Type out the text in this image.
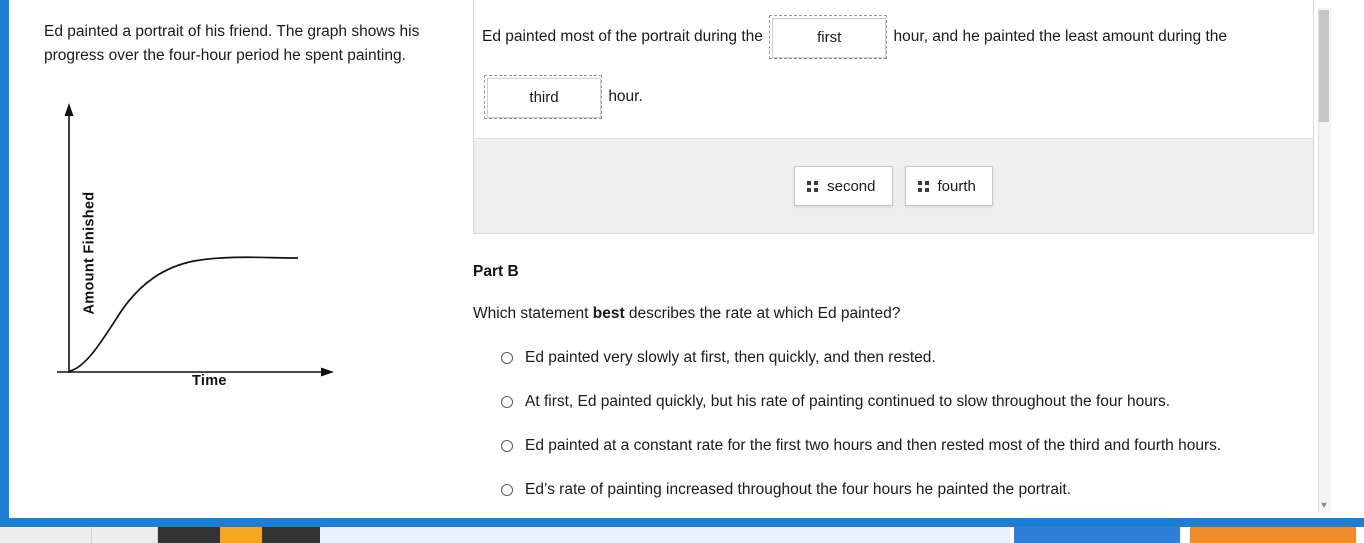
Ed painted a portrait of his friend. The graph shows his progress over the four-hour period he spent painting.
Amount Finished
Time
Ed painted most of the portrait during the	first	hour, and he painted the least amount during the
third	hour.
second	fourth
Part B
Which statement best describes the rate at which Ed painted?
Ed painted very slowly at first, then quickly, and then rested.
At first, Ed painted quickly, but his rate of painting continued to slow throughout the four hours.
Ed painted at a constant rate for the first two hours and then rested most of the third and fourth hours.
Ed’s rate of painting increased throughout the four hours he painted the portrait.
▼
